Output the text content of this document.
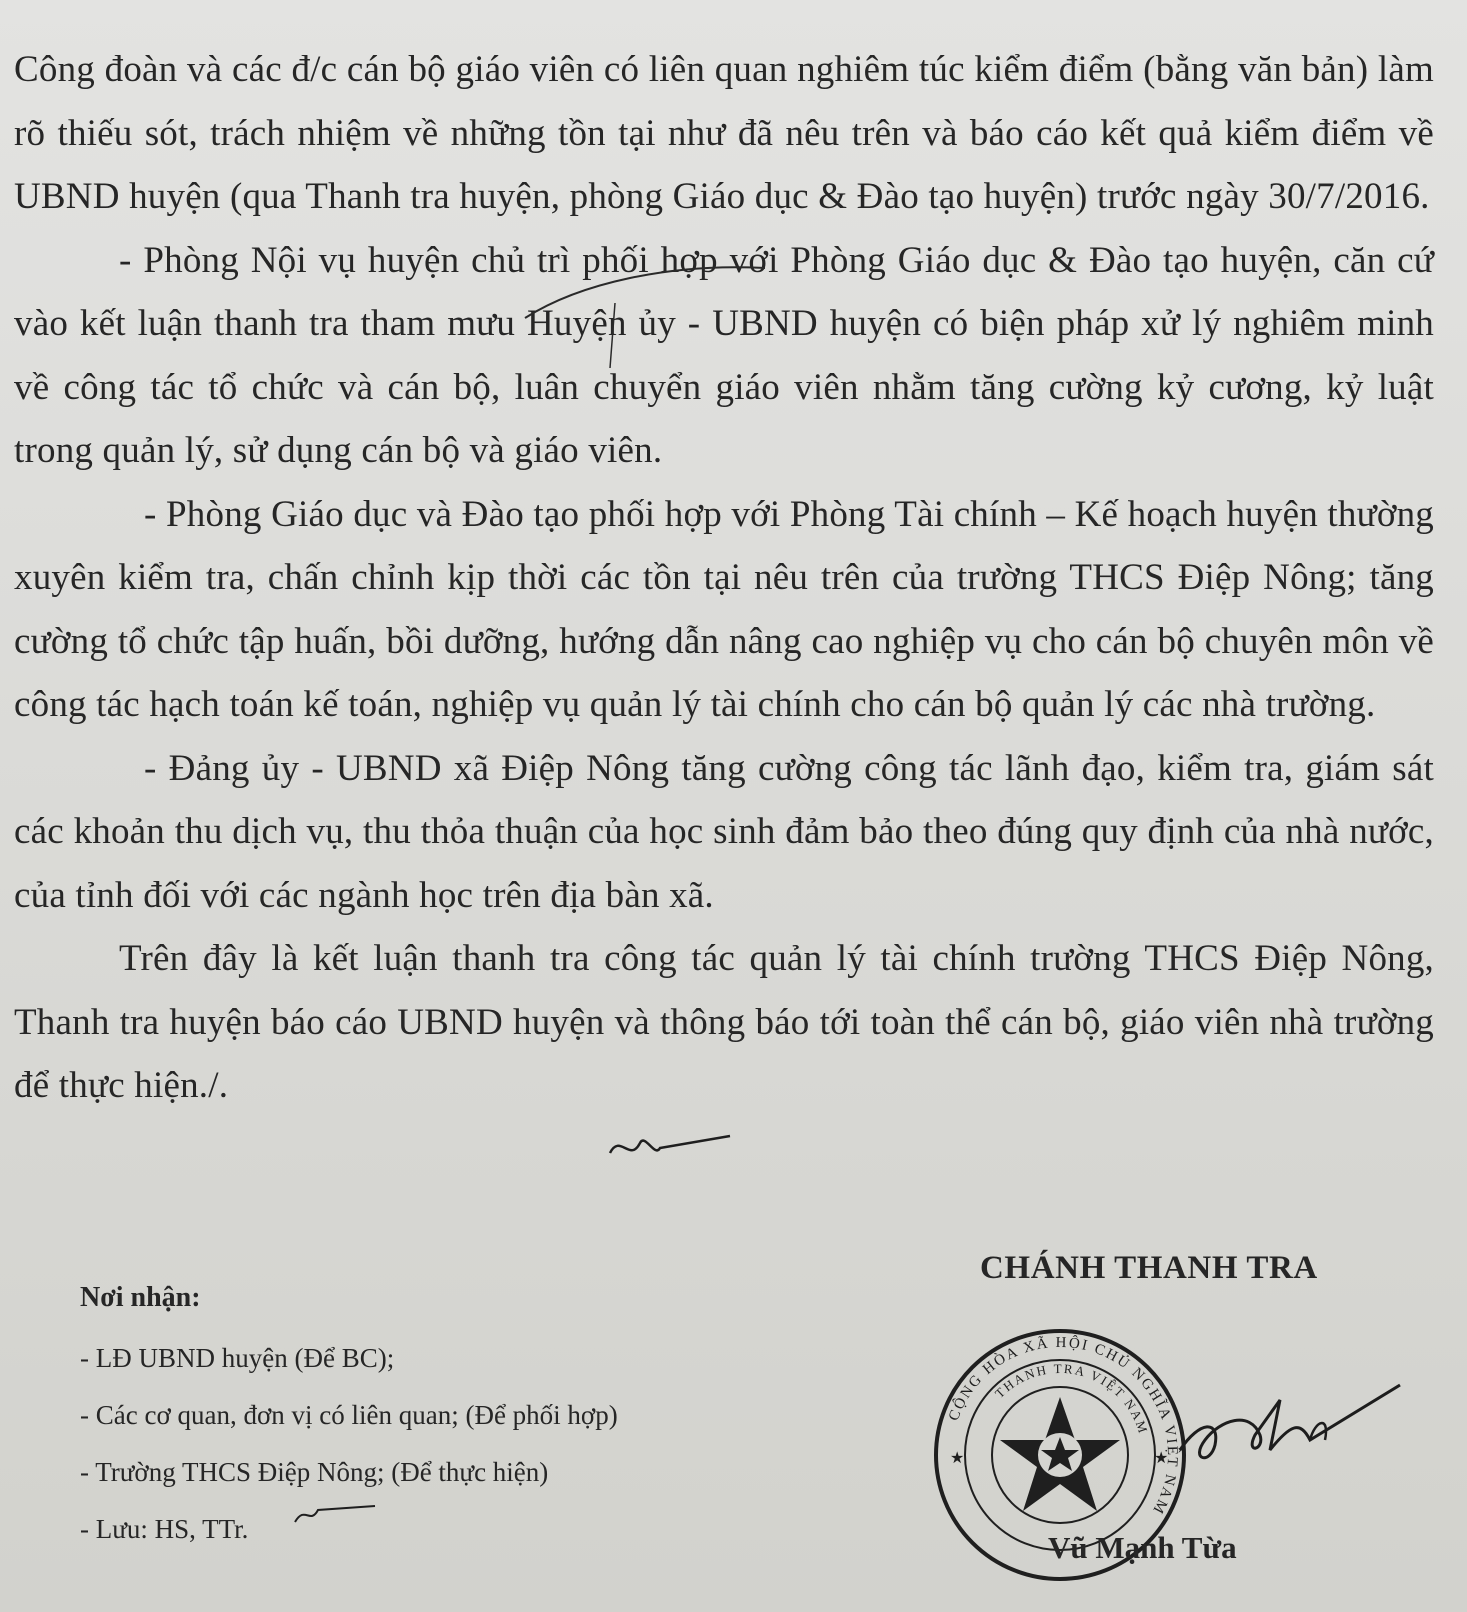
Công đoàn và các đ/c cán bộ giáo viên có liên quan nghiêm túc kiểm điểm (bằng văn bản) làm rõ thiếu sót, trách nhiệm về những tồn tại như đã nêu trên và báo cáo kết quả kiểm điểm về UBND huyện (qua Thanh tra huyện, phòng Giáo dục & Đào tạo huyện) trước ngày 30/7/2016.

- Phòng Nội vụ huyện chủ trì phối hợp với Phòng Giáo dục & Đào tạo huyện, căn cứ vào kết luận thanh tra tham mưu Huyện ủy - UBND huyện có biện pháp xử lý nghiêm minh về công tác tổ chức và cán bộ, luân chuyển giáo viên nhằm tăng cường kỷ cương, kỷ luật trong quản lý, sử dụng cán bộ và giáo viên.

- Phòng Giáo dục và Đào tạo phối hợp với Phòng Tài chính – Kế hoạch huyện thường xuyên kiểm tra, chấn chỉnh kịp thời các tồn tại nêu trên của trường THCS Điệp Nông; tăng cường tổ chức tập huấn, bồi dưỡng, hướng dẫn nâng cao nghiệp vụ cho cán bộ chuyên môn về công tác hạch toán kế toán, nghiệp vụ quản lý tài chính cho cán bộ quản lý các nhà trường.

- Đảng ủy - UBND xã Điệp Nông tăng cường công tác lãnh đạo, kiểm tra, giám sát các khoản thu dịch vụ, thu thỏa thuận của học sinh đảm bảo theo đúng quy định của nhà nước, của tỉnh đối với các ngành học trên địa bàn xã.

Trên đây là kết luận thanh tra công tác quản lý tài chính trường THCS Điệp Nông, Thanh tra huyện báo cáo UBND huyện và thông báo tới toàn thể cán bộ, giáo viên nhà trường để thực hiện./.

CHÁNH THANH TRA
Nơi nhận:
- LĐ UBND huyện (Để BC);
- Các cơ quan, đơn vị có liên quan; (Để phối hợp)
- Trường THCS Điệp Nông; (Để thực hiện)
- Lưu: HS, TTr.
CỘNG HÒA XÃ HỘI CHỦ NGHĨA VIỆT NAM
THANH TRA VIỆT NAM
★	★
Vũ Mạnh Từa
